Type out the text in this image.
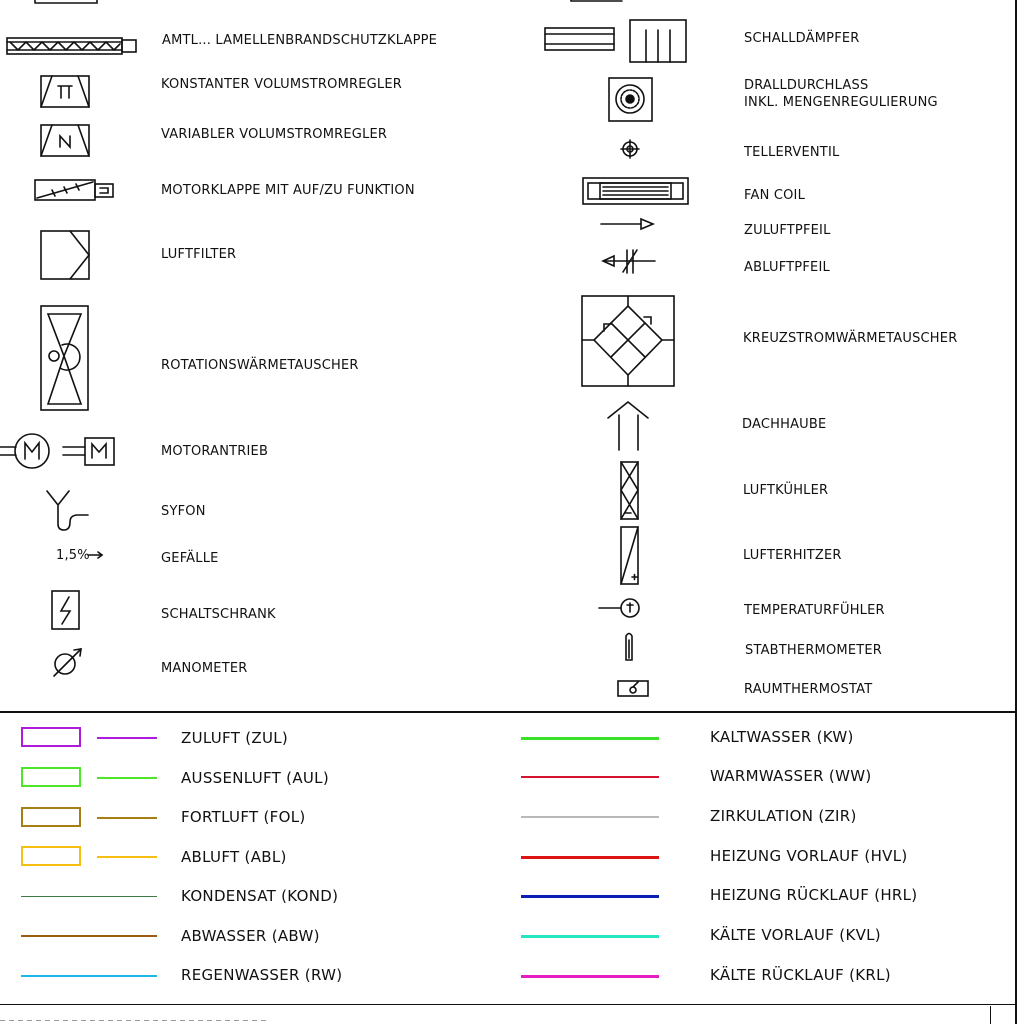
AMTL... LAMELLENBRANDSCHUTZKLAPPE
KONSTANTER VOLUMSTROMREGLER
VARIABLER VOLUMSTROMREGLER
MOTORKLAPPE MIT AUF/ZU FUNKTION
LUFTFILTER
ROTATIONSWÄRMETAUSCHER
MOTORANTRIEB
SYFON
1,5%	GEFÄLLE
SCHALTSCHRANK
MANOMETER
SCHALLDÄMPFER
DRALLDURCHLASS
INKL. MENGENREGULIERUNG
TELLERVENTIL
FAN COIL
ZULUFTPFEIL
ABLUFTPFEIL
KREUZSTROMWÄRMETAUSCHER
DACHHAUBE
LUFTKÜHLER
LUFTERHITZER
TEMPERATURFÜHLER
STABTHERMOMETER
RAUMTHERMOSTAT
ZULUFT (ZUL)
AUSSENLUFT (AUL)
FORTLUFT (FOL)
ABLUFT (ABL)
KONDENSAT (KOND)
ABWASSER (ABW)
REGENWASSER (RW)
KALTWASSER (KW)
WARMWASSER (WW)
ZIRKULATION (ZIR)
HEIZUNG VORLAUF (HVL)
HEIZUNG RÜCKLAUF (HRL)
KÄLTE VORLAUF (KVL)
KÄLTE RÜCKLAUF (KRL)
